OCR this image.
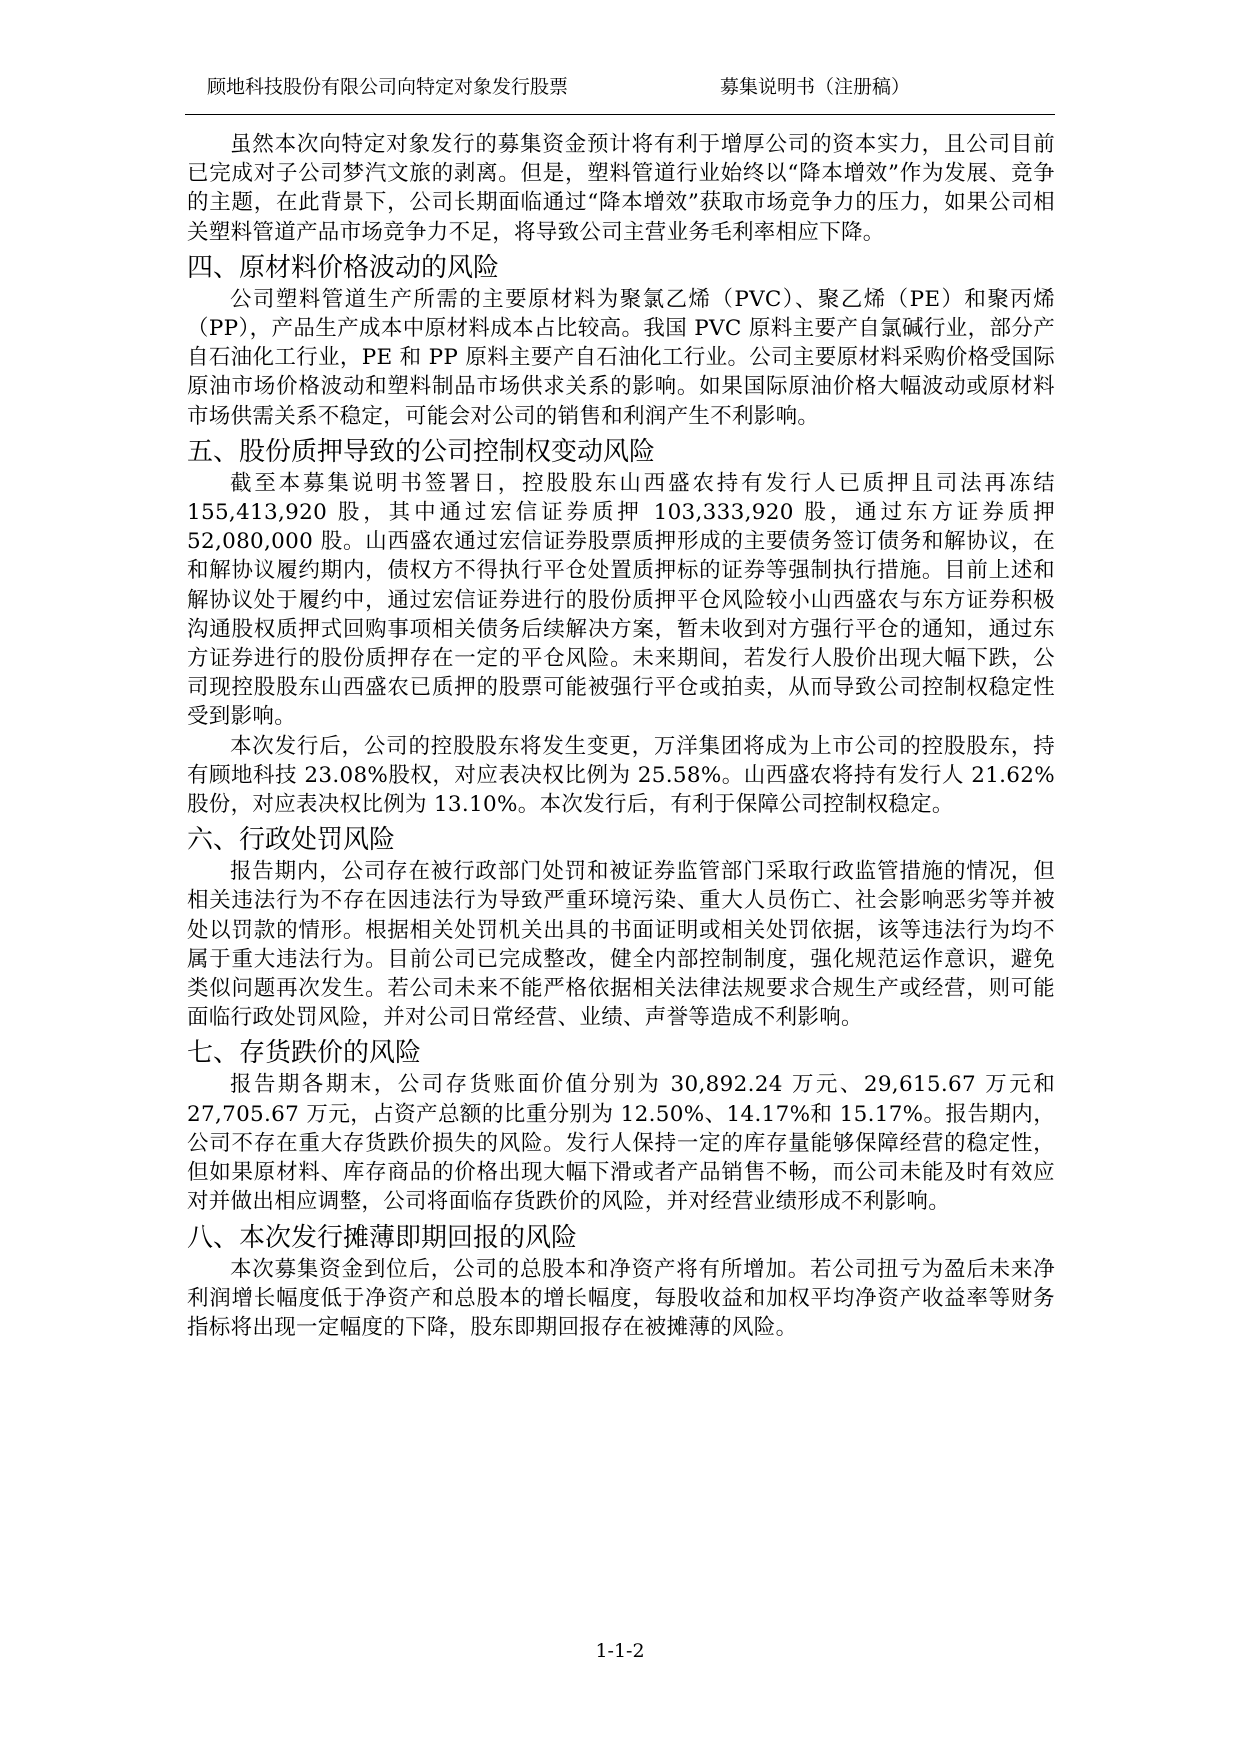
顾地科技股份有限公司向特定对象发行股票	募集说明书（注册稿）

虽然本次向特定对象发行的募集资金预计将有利于增厚公司的资本实力，且公司目前已完成对子公司梦汽文旅的剥离。但是，塑料管道行业始终以“降本增效”作为发展、竞争的主题，在此背景下，公司长期面临通过“降本增效”获取市场竞争力的压力，如果公司相关塑料管道产品市场竞争力不足，将导致公司主营业务毛利率相应下降。

四、原材料价格波动的风险

公司塑料管道生产所需的主要原材料为聚氯乙烯（PVC）、聚乙烯（PE）和聚丙烯（PP），产品生产成本中原材料成本占比较高。我国 PVC 原料主要产自氯碱行业，部分产自石油化工行业，PE 和 PP 原料主要产自石油化工行业。公司主要原材料采购价格受国际原油市场价格波动和塑料制品市场供求关系的影响。如果国际原油价格大幅波动或原材料市场供需关系不稳定，可能会对公司的销售和利润产生不利影响。

五、股份质押导致的公司控制权变动风险

截至本募集说明书签署日，控股股东山西盛农持有发行人已质押且司法再冻结 155,413,920 股，其中通过宏信证券质押 103,333,920 股，通过东方证券质押 52,080,000 股。山西盛农通过宏信证券股票质押形成的主要债务签订债务和解协议，在和解协议履约期内，债权方不得执行平仓处置质押标的证券等强制执行措施。目前上述和解协议处于履约中，通过宏信证券进行的股份质押平仓风险较小山西盛农与东方证券积极沟通股权质押式回购事项相关债务后续解决方案，暂未收到对方强行平仓的通知，通过东方证券进行的股份质押存在一定的平仓风险。未来期间，若发行人股价出现大幅下跌，公司现控股股东山西盛农已质押的股票可能被强行平仓或拍卖，从而导致公司控制权稳定性受到影响。

本次发行后，公司的控股股东将发生变更，万洋集团将成为上市公司的控股股东，持有顾地科技 23.08%股权，对应表决权比例为 25.58%。山西盛农将持有发行人 21.62%股份，对应表决权比例为 13.10%。本次发行后，有利于保障公司控制权稳定。

六、行政处罚风险

报告期内，公司存在被行政部门处罚和被证券监管部门采取行政监管措施的情况，但相关违法行为不存在因违法行为导致严重环境污染、重大人员伤亡、社会影响恶劣等并被处以罚款的情形。根据相关处罚机关出具的书面证明或相关处罚依据，该等违法行为均不属于重大违法行为。目前公司已完成整改，健全内部控制制度，强化规范运作意识，避免类似问题再次发生。若公司未来不能严格依据相关法律法规要求合规生产或经营，则可能面临行政处罚风险，并对公司日常经营、业绩、声誉等造成不利影响。

七、存货跌价的风险

报告期各期末，公司存货账面价值分别为 30,892.24 万元、29,615.67 万元和 27,705.67 万元，占资产总额的比重分别为 12.50%、14.17%和 15.17%。报告期内，公司不存在重大存货跌价损失的风险。发行人保持一定的库存量能够保障经营的稳定性，但如果原材料、库存商品的价格出现大幅下滑或者产品销售不畅，而公司未能及时有效应对并做出相应调整，公司将面临存货跌价的风险，并对经营业绩形成不利影响。

八、本次发行摊薄即期回报的风险

本次募集资金到位后，公司的总股本和净资产将有所增加。若公司扭亏为盈后未来净利润增长幅度低于净资产和总股本的增长幅度，每股收益和加权平均净资产收益率等财务指标将出现一定幅度的下降，股东即期回报存在被摊薄的风险。

1-1-2
